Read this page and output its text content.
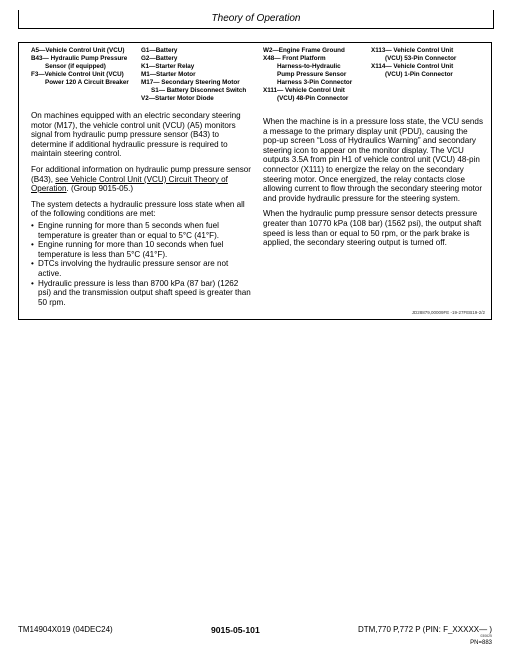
Theory of Operation
A5—Vehicle Control Unit (VCU)
B43— Hydraulic Pump Pressure
Sensor (if equipped)
F3—Vehicle Control Unit (VCU)
Power 120 A Circuit Breaker
G1—Battery
G2—Battery
K1—Starter Relay
M1—Starter Motor
M17— Secondary Steering Motor
S1— Battery Disconnect Switch
V2—Starter Motor Diode
W2—Engine Frame Ground
X48— Front Platform
Harness-to-Hydraulic
Pump Pressure Sensor
Harness 3-Pin Connector
X111— Vehicle Control Unit
(VCU) 48-Pin Connector
X113— Vehicle Control Unit
(VCU) 53-Pin Connector
X114— Vehicle Control Unit
(VCU) 1-Pin Connector

On machines equipped with an electric secondary steering motor (M17), the vehicle control unit (VCU) (A5) monitors signal from hydraulic pump pressure sensor (B43) to determine if additional hydraulic pressure is required to maintain steering control.

For additional information on hydraulic pump pressure sensor (B43), see Vehicle Control Unit (VCU) Circuit Theory of Operation. (Group 9015-05.)

The system detects a hydraulic pressure loss state when all of the following conditions are met:

• Engine running for more than 5 seconds when fuel temperature is greater than or equal to 5°C (41°F).
• Engine running for more than 10 seconds when fuel temperature is less than 5°C (41°F).
• DTCs involving the hydraulic pressure sensor are not active.
• Hydraulic pressure is less than 8700 kPa (87 bar) (1262 psi) and the transmission output shaft speed is greater than 50 rpm.

When the machine is in a pressure loss state, the VCU sends a message to the primary display unit (PDU), causing the pop-up screen “Loss of Hydraulics Warning” and secondary steering icon to appear on the monitor display. The VCU outputs 3.5A from pin H1 of vehicle control unit (VCU) 48-pin connector (X111) to energize the relay on the secondary steering motor. Once energized, the relay contacts close allowing current to flow through the secondary steering motor and provide hydraulic pressure for the steering system.

When the hydraulic pump pressure sensor detects pressure greater than 10770 kPa (108 bar) (1562 psi), the output shaft speed is less than or equal to 50 rpm, or the park brake is applied, the secondary steering output is turned off.

JD28879,00009FE -19-27FEB19-2/2
TM14904X019 (04DEC24)	9015-05-101	DTM,770 P,772 P (PIN: F_XXXXX— )
030625
PN=883
